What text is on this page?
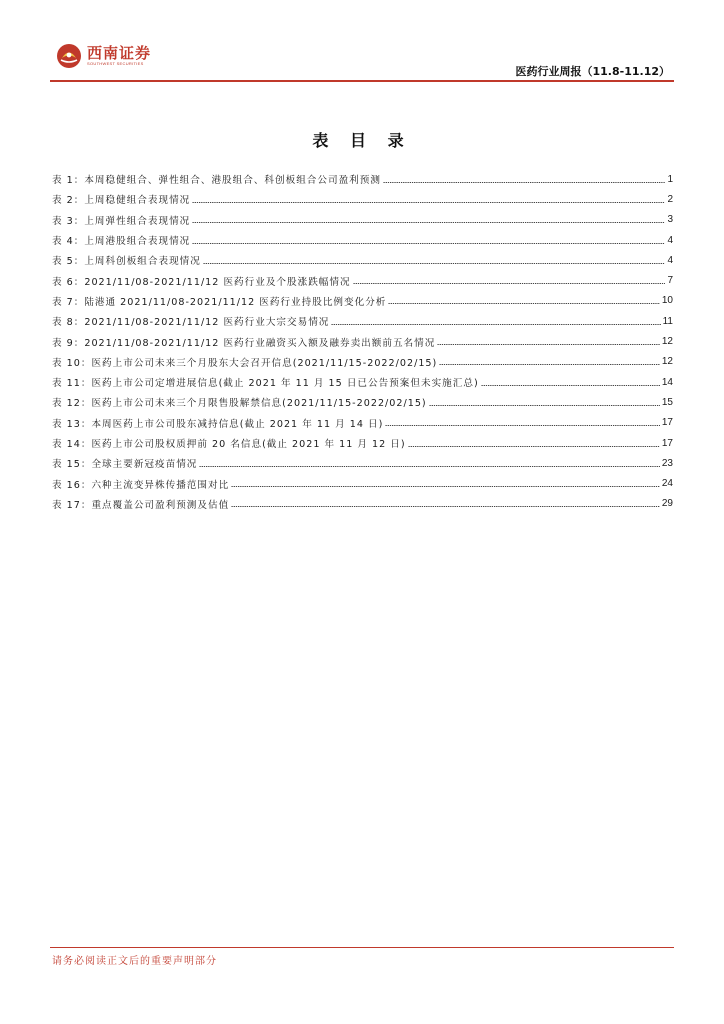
西南证券
SOUTHWEST SECURITIES
医药行业周报（11.8-11.12）
表 目 录
表 1：本周稳健组合、弹性组合、港股组合、科创板组合公司盈利预测	1
表 2：上周稳健组合表现情况	2
表 3：上周弹性组合表现情况	3
表 4：上周港股组合表现情况	4
表 5：上周科创板组合表现情况	4
表 6：2021/11/08-2021/11/12 医药行业及个股涨跌幅情况	7
表 7：陆港通 2021/11/08-2021/11/12 医药行业持股比例变化分析	10
表 8：2021/11/08-2021/11/12 医药行业大宗交易情况	11
表 9：2021/11/08-2021/11/12 医药行业融资买入额及融券卖出额前五名情况	12
表 10：医药上市公司未来三个月股东大会召开信息(2021/11/15-2022/02/15)	12
表 11：医药上市公司定增进展信息(截止 2021 年 11 月 15 日已公告预案但未实施汇总)	14
表 12：医药上市公司未来三个月限售股解禁信息(2021/11/15-2022/02/15)	15
表 13：本周医药上市公司股东减持信息(截止 2021 年 11 月 14 日)	17
表 14：医药上市公司股权质押前 20 名信息(截止 2021 年 11 月 12 日)	17
表 15：全球主要新冠疫苗情况	23
表 16：六种主流变异株传播范围对比	24
表 17：重点覆盖公司盈利预测及估值	29
请务必阅读正文后的重要声明部分
